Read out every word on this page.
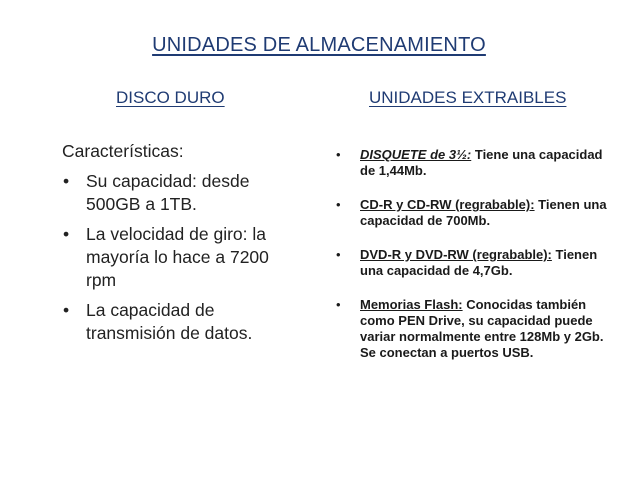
UNIDADES DE ALMACENAMIENTO
DISCO DURO	UNIDADES EXTRAIBLES
Características:
• Su capacidad: desde 500GB a 1TB.
• La velocidad de giro: la mayoría lo hace a 7200 rpm
• La capacidad de transmisión de datos.
• DISQUETE de 3½: Tiene una capacidad de 1,44Mb.
• CD-R y CD-RW (regrabable): Tienen una capacidad de 700Mb.
• DVD-R y DVD-RW (regrabable): Tienen una capacidad de 4,7Gb.
• Memorias Flash: Conocidas también como PEN Drive, su capacidad puede variar normalmente entre 128Mb y 2Gb. Se conectan a puertos USB.
